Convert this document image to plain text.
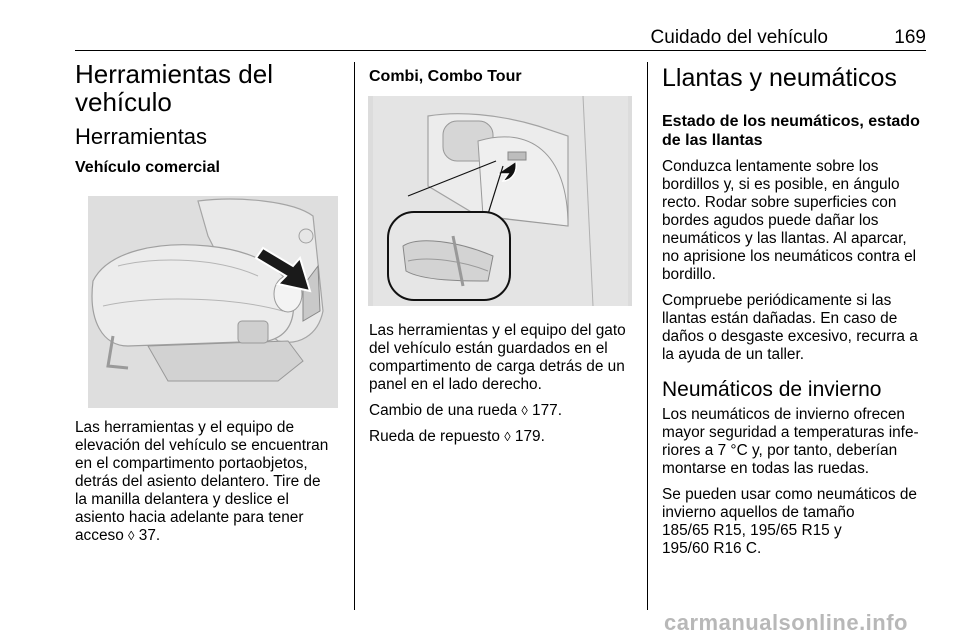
Cuidado del vehículo	169
Herramientas del
vehículo
Herramientas
Vehículo comercial
Las herramientas y el equipo de
elevación del vehículo se encuentran
en el compartimento portaobjetos,
detrás del asiento delantero. Tire de
la manilla delantera y deslice el
asiento hacia adelante para tener
acceso ◊ 37.
Combi, Combo Tour
Las herramientas y el equipo del gato
del vehículo están guardados en el
compartimento de carga detrás de un
panel en el lado derecho.
Cambio de una rueda ◊ 177.
Rueda de repuesto ◊ 179.
Llantas y neumáticos
Estado de los neumáticos, estado
de las llantas
Conduzca lentamente sobre los
bordillos y, si es posible, en ángulo
recto. Rodar sobre superficies con
bordes agudos puede dañar los
neumáticos y las llantas. Al aparcar,
no aprisione los neumáticos contra el
bordillo.
Compruebe periódicamente si las
llantas están dañadas. En caso de
daños o desgaste excesivo, recurra a
la ayuda de un taller.
Neumáticos de invierno
Los neumáticos de invierno ofrecen
mayor seguridad a temperaturas infe-
riores a 7 °C y, por tanto, deberían
montarse en todas las ruedas.
Se pueden usar como neumáticos de
invierno aquellos de tamaño
185/65 R15, 195/65 R15 y
195/60 R16 C.
carmanualsonline.info
